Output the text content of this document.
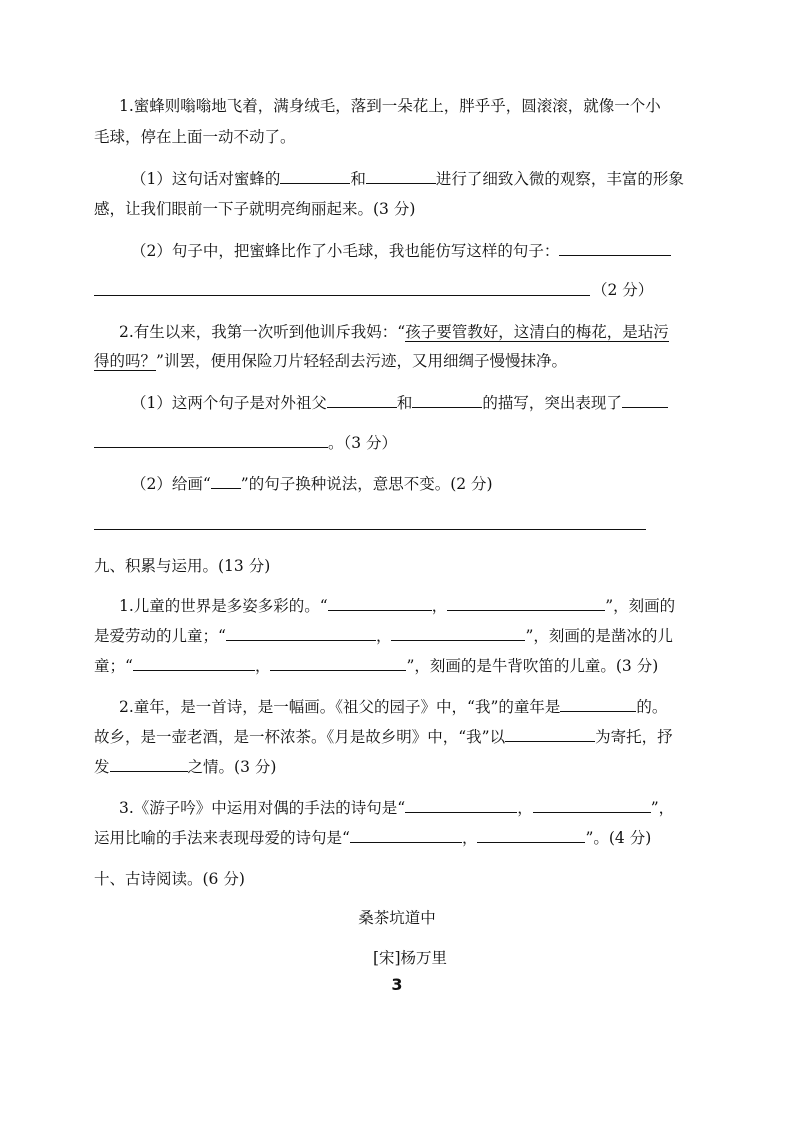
1.蜜蜂则嗡嗡地飞着，满身绒毛，落到一朵花上，胖乎乎，圆滚滚，就像一个小
毛球，停在上面一动不动了。
（1）这句话对蜜蜂的	和	进行了细致入微的观察，丰富的形象
感，让我们眼前一下子就明亮绚丽起来。(3 分)
（2）句子中，把蜜蜂比作了小毛球，我也能仿写这样的句子：
（2 分）
2.有生以来，我第一次听到他训斥我妈：“孩子要管教好，这清白的梅花，是玷污
得的吗？”训罢，便用保险刀片轻轻刮去污迹，又用细绸子慢慢抹净。
（1）这两个句子是对外祖父	和	的描写，突出表现了
。（3 分）
（2）给画“ ”的句子换种说法，意思不变。(2 分)
九、积累与运用。(13 分)
1.儿童的世界是多姿多彩的。“	，	”，刻画的
是爱劳动的儿童；“	，	”，刻画的是凿冰的儿
童；“	，	”，刻画的是牛背吹笛的儿童。(3 分)
2.童年，是一首诗，是一幅画。《祖父的园子》中，“我”的童年是	的。
故乡，是一壶老酒，是一杯浓茶。《月是故乡明》中，“我”以	为寄托，抒
发	之情。(3 分)
3.《游子吟》中运用对偶的手法的诗句是“	，	”，
运用比喻的手法来表现母爱的诗句是“	，	”。(4 分)
十、古诗阅读。(6 分)
桑茶坑道中
[宋]杨万里
3
